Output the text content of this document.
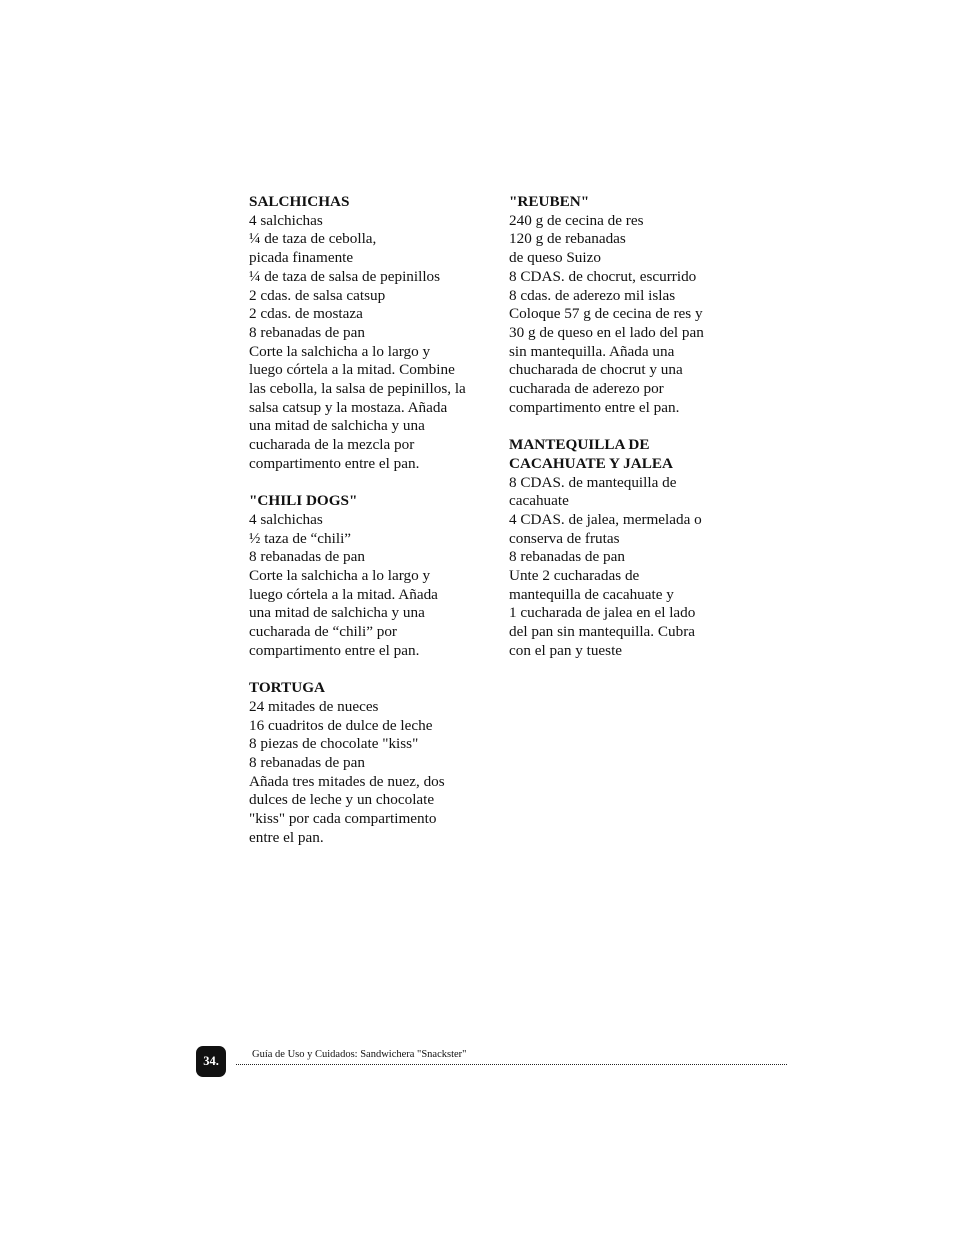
SALCHICHAS
4 salchichas
¼ de taza de cebolla,
picada finamente
¼ de taza de salsa de pepinillos
2 cdas. de salsa catsup
2 cdas. de mostaza
8 rebanadas de pan
Corte la salchicha a lo largo y
luego córtela a la mitad. Combine
las cebolla, la salsa de pepinillos, la
salsa catsup y la mostaza. Añada
una mitad de salchicha y una
cucharada de la mezcla por
compartimento entre el pan.
"CHILI DOGS"
4 salchichas
½ taza de “chili”
8 rebanadas de pan
Corte la salchicha a lo largo y
luego córtela a la mitad. Añada
una mitad de salchicha y una
cucharada de “chili” por
compartimento entre el pan.
TORTUGA
24 mitades de nueces
16 cuadritos de dulce de leche
8 piezas de chocolate "kiss"
8 rebanadas de pan
Añada tres mitades de nuez, dos
dulces de leche y un chocolate
"kiss" por cada compartimento
entre el pan.
"REUBEN"
240 g de cecina de res
120 g de rebanadas
de queso Suizo
8 CDAS. de chocrut, escurrido
8 cdas. de aderezo mil islas
Coloque 57 g de cecina de res y
30 g de queso en el lado del pan
sin mantequilla. Añada una
chucharada de chocrut y una
cucharada de aderezo por
compartimento entre el pan.
MANTEQUILLA DE
CACAHUATE Y JALEA
8 CDAS. de mantequilla de
cacahuate
4 CDAS. de jalea, mermelada o
conserva de frutas
8 rebanadas de pan
Unte 2 cucharadas de
mantequilla de cacahuate y
1 cucharada de jalea en el lado
del pan sin mantequilla. Cubra
con el pan y tueste
34.	Guía de Uso y Cuidados: Sandwichera "Snackster"
